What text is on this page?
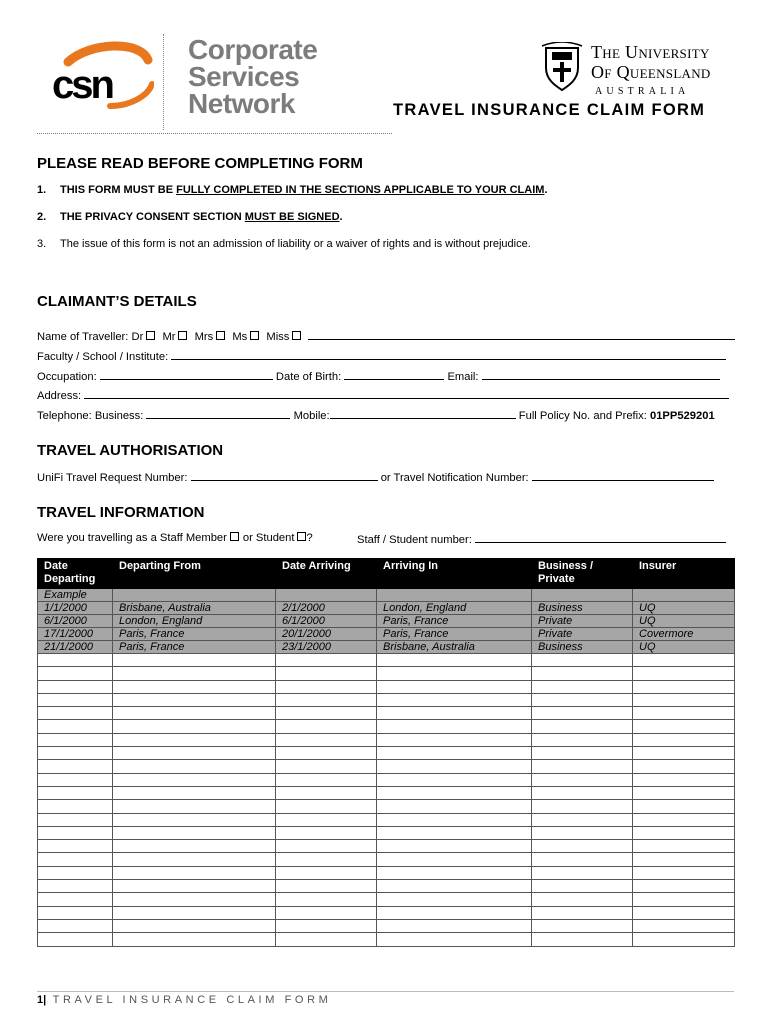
csn
Corporate
Services
Network
The University
Of Queensland
AUSTRALIA
TRAVEL INSURANCE CLAIM FORM
PLEASE READ BEFORE COMPLETING FORM
1. THIS FORM MUST BE FULLY COMPLETED IN THE SECTIONS APPLICABLE TO YOUR CLAIM.
2. THE PRIVACY CONSENT SECTION MUST BE SIGNED.
3. The issue of this form is not an admission of liability or a waiver of rights and is without prejudice.
CLAIMANT’S DETAILS
Name of Traveller: Dr Mr Mrs Ms Miss
Faculty / School / Institute:
Occupation:	Date of Birth:	Email:
Address:
Telephone: Business:	Mobile:	Full Policy No. and Prefix: 01PP529201
TRAVEL AUTHORISATION
UniFi Travel Request Number:	or Travel Notification Number:
TRAVEL INFORMATION
Were you travelling as a Staff Member or Student ?	Staff / Student number:
Date Departing	Departing From	Date Arriving	Arriving In	Business / Private	Insurer
Example					
1/1/2000	Brisbane, Australia	2/1/2000	London, England	Business	UQ
6/1/2000	London, England	6/1/2000	Paris, France	Private	UQ
17/1/2000	Paris, France	20/1/2000	Paris, France	Private	Covermore
21/1/2000	Paris, France	23/1/2000	Brisbane, Australia	Business	UQ

1| TRAVEL INSURANCE CLAIM FORM
